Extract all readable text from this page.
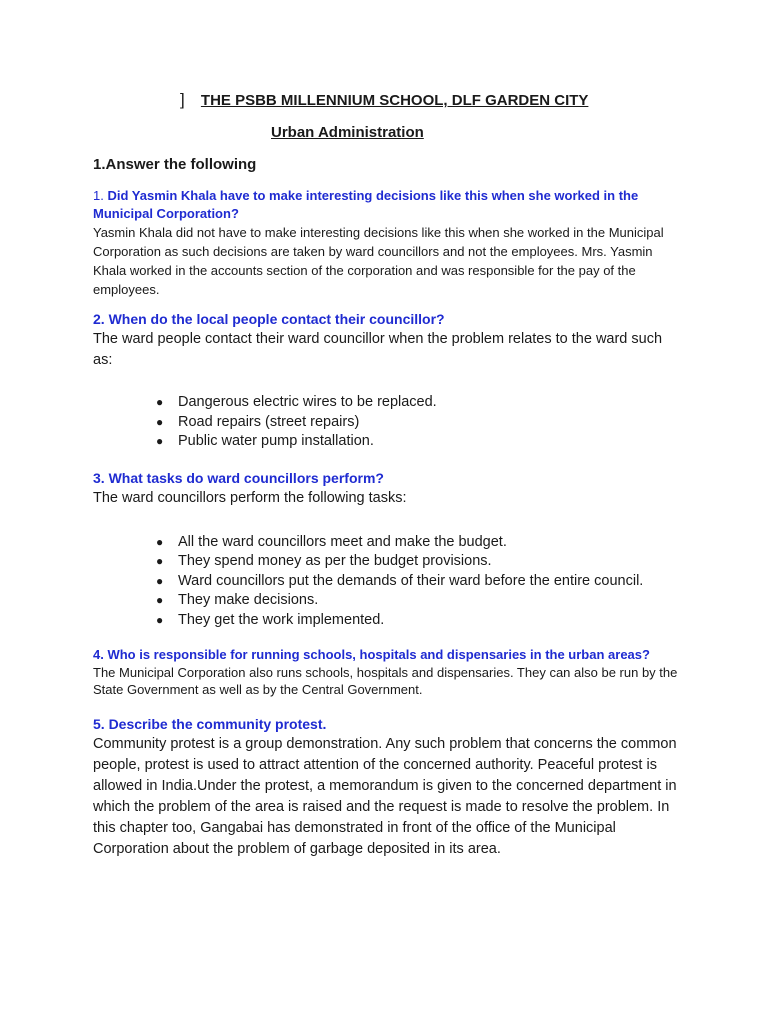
] THE PSBB MILLENNIUM SCHOOL, DLF GARDEN CITY
Urban Administration
1.Answer the following

1. Did Yasmin Khala have to make interesting decisions like this when she worked in the Municipal Corporation?

Yasmin Khala did not have to make interesting decisions like this when she worked in the Municipal Corporation as such decisions are taken by ward councillors and not the employees. Mrs. Yasmin Khala worked in the accounts section of the corporation and was responsible for the pay of the employees.

2. When do the local people contact their councillor?

The ward people contact their ward councillor when the problem relates to the ward such as:

● Dangerous electric wires to be replaced.
● Road repairs (street repairs)
● Public water pump installation.

3. What tasks do ward councillors perform?

The ward councillors perform the following tasks:

● All the ward councillors meet and make the budget.
● They spend money as per the budget provisions.
● Ward councillors put the demands of their ward before the entire council.
● They make decisions.
● They get the work implemented.

4. Who is responsible for running schools, hospitals and dispensaries in the urban areas?

The Municipal Corporation also runs schools, hospitals and dispensaries. They can also be run by the State Government as well as by the Central Government.

5. Describe the community protest.

Community protest is a group demonstration. Any such problem that concerns the common people, protest is used to attract attention of the concerned authority. Peaceful protest is allowed in India.Under the protest, a memorandum is given to the concerned department in which the problem of the area is raised and the request is made to resolve the problem. In this chapter too, Gangabai has demonstrated in front of the office of the Municipal Corporation about the problem of garbage deposited in its area.
